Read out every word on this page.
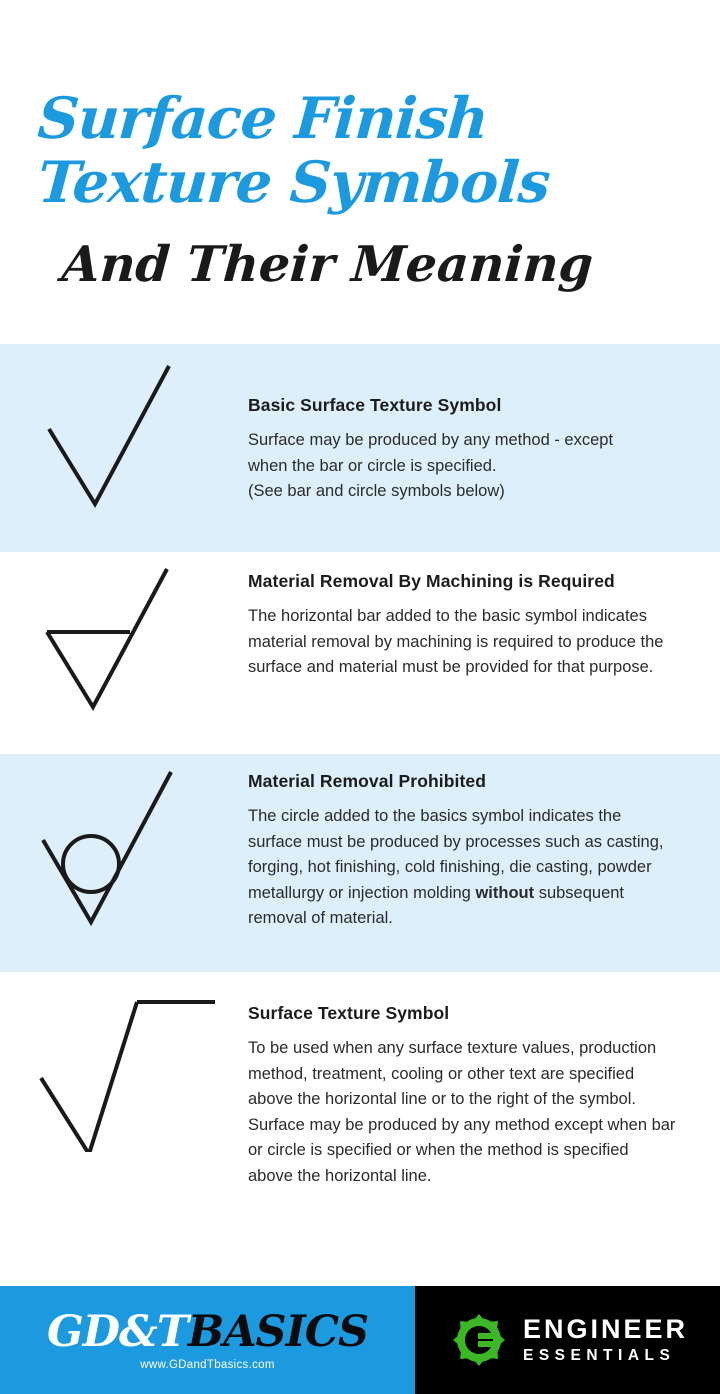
Surface Finish
Texture Symbols
And Their Meaning
Basic Surface Texture Symbol
Surface may be produced by any method - except
when the bar or circle is specified.
(See bar and circle symbols below)
Material Removal By Machining is Required
The horizontal bar added to the basic symbol indicates material removal by machining is required to produce the surface and material must be provided for that purpose.
Material Removal Prohibited
The circle added to the basics symbol indicates the surface must be produced by processes such as casting, forging, hot finishing, cold finishing, die casting, powder metallurgy or injection molding without subsequent removal of material.
Surface Texture Symbol
To be used when any surface texture values, production method, treatment, cooling or other text are specified above the horizontal line or to the right of the symbol. Surface may be produced by any method except when bar or circle is specified or when the method is specified above the horizontal line.
GD&TBASICS
www.GDandTbasics.com
ENGINEER
ESSENTIALS
